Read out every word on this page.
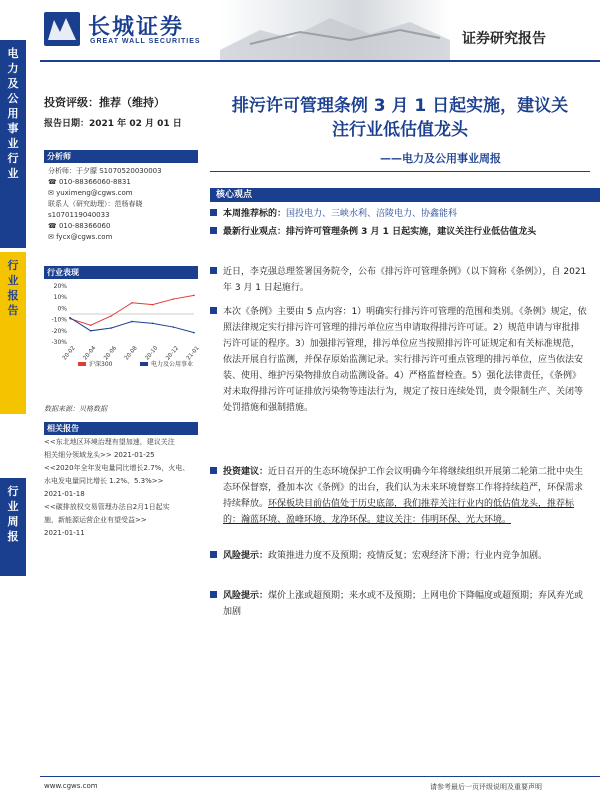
长城证券
GREAT WALL SECURITIES	证券研究报告
电
力
及
公
用
事
业
行
业
行
业
报
告
行
业
周
报
投资评级：推荐（维持）
报告日期：2021 年 02 月 01 日
分析师
分析师：于夕朦 S1070520030003
☎ 010-88366060-8831
✉ yuximeng@cgws.com
联系人（研究助理）：范杨春晓
s1070119040033
☎ 010-88366060
✉ fycx@cgws.com
行业表现
20%
10%
0%
-10%
-20%
-30%
20-02 20-04 20-06 20-08 20-10 20-12 21-01
沪深300	电力及公用事业
数据来源：贝格数据
相关报告
<<东北地区环境治理有望加速，建议关注
相关细分领域龙头>> 2021-01-25
<<2020年全年发电量同比增长2.7%，火电、
水电发电量同比增长 1.2%、5.3%>>
2021-01-18
<<碳排放权交易管理办法自2月1日起实
施，新能源运营企业有望受益>>
2021-01-11
排污许可管理条例 3 月 1 日起实施，建议关
注行业低估值龙头
——电力及公用事业周报
核心观点
本周推荐标的：国投电力、三峡水利、涪陵电力、协鑫能科
最新行业观点：排污许可管理条例 3 月 1 日起实施，建议关注行业低估值龙头
近日，李克强总理签署国务院令，公布《排污许可管理条例》（以下简称《条例》），自 2021 年 3 月 1 日起施行。
本次《条例》主要由 5 点内容：1）明确实行排污许可管理的范围和类别。《条例》规定，依照法律规定实行排污许可管理的排污单位应当申请取得排污许可证。2）规范申请与审批排污许可证的程序。3）加强排污管理，排污单位应当按照排污许可证规定和有关标准规范，依法开展自行监测，并保存原始监测记录。实行排污许可重点管理的排污单位，应当依法安装、使用、维护污染物排放自动监测设备。4）严格监督检查。5）强化法律责任，《条例》对未取得排污许可证排放污染物等违法行为，规定了按日连续处罚，责令限制生产、关闭等处罚措施和强制措施。
投资建议：近日召开的生态环境保护工作会议明确今年将继续组织开展第二轮第二批中央生态环保督察，叠加本次《条例》的出台，我们认为未来环境督察工作将持续趋严，环保需求持续释放。环保板块目前估值处于历史底部，我们推荐关注行业内的低估值龙头，推荐标的：瀚蓝环境、盈峰环境、龙净环保。建议关注：伟明环保、光大环境。
风险提示：政策推进力度不及预期；疫情反复；宏观经济下滑；行业内竞争加剧。
风险提示：煤价上涨或超预期；来水或不及预期；上网电价下降幅度或超预期；弃风弃光或加剧
www.cgws.com	请参考最后一页评级说明及重要声明
